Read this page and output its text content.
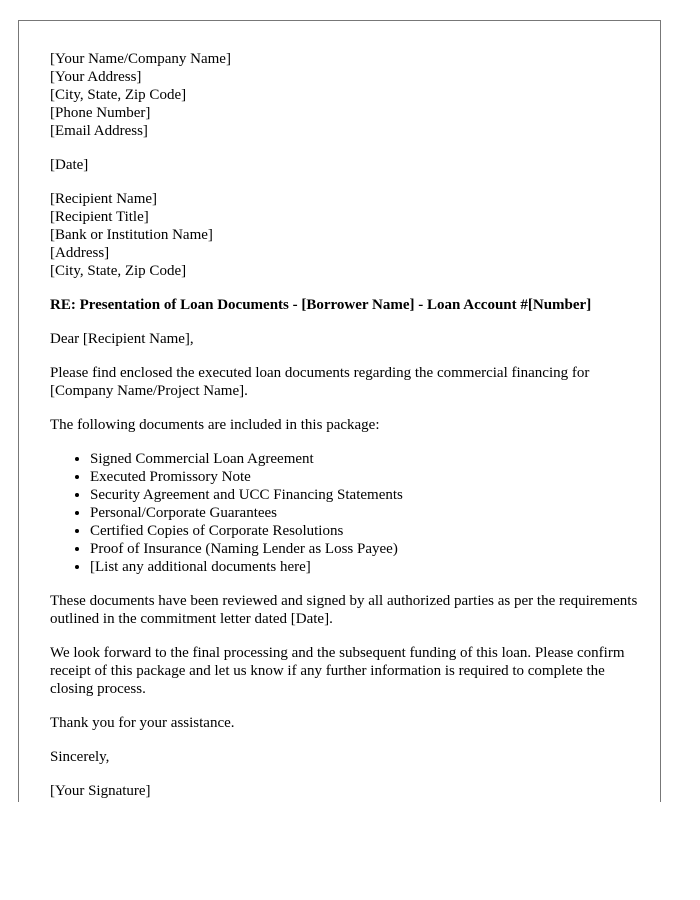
[Your Name/Company Name]
[Your Address]
[City, State, Zip Code]
[Phone Number]
[Email Address]
[Date]
[Recipient Name]
[Recipient Title]
[Bank or Institution Name]
[Address]
[City, State, Zip Code]
RE: Presentation of Loan Documents - [Borrower Name] - Loan Account #[Number]

Dear [Recipient Name],

Please find enclosed the executed loan documents regarding the commercial financing for [Company Name/Project Name].

The following documents are included in this package:

• Signed Commercial Loan Agreement
• Executed Promissory Note
• Security Agreement and UCC Financing Statements
• Personal/Corporate Guarantees
• Certified Copies of Corporate Resolutions
• Proof of Insurance (Naming Lender as Loss Payee)
• [List any additional documents here]

These documents have been reviewed and signed by all authorized parties as per the requirements outlined in the commitment letter dated [Date].

We look forward to the final processing and the subsequent funding of this loan. Please confirm receipt of this package and let us know if any further information is required to complete the closing process.

Thank you for your assistance.

Sincerely,

[Your Signature]
